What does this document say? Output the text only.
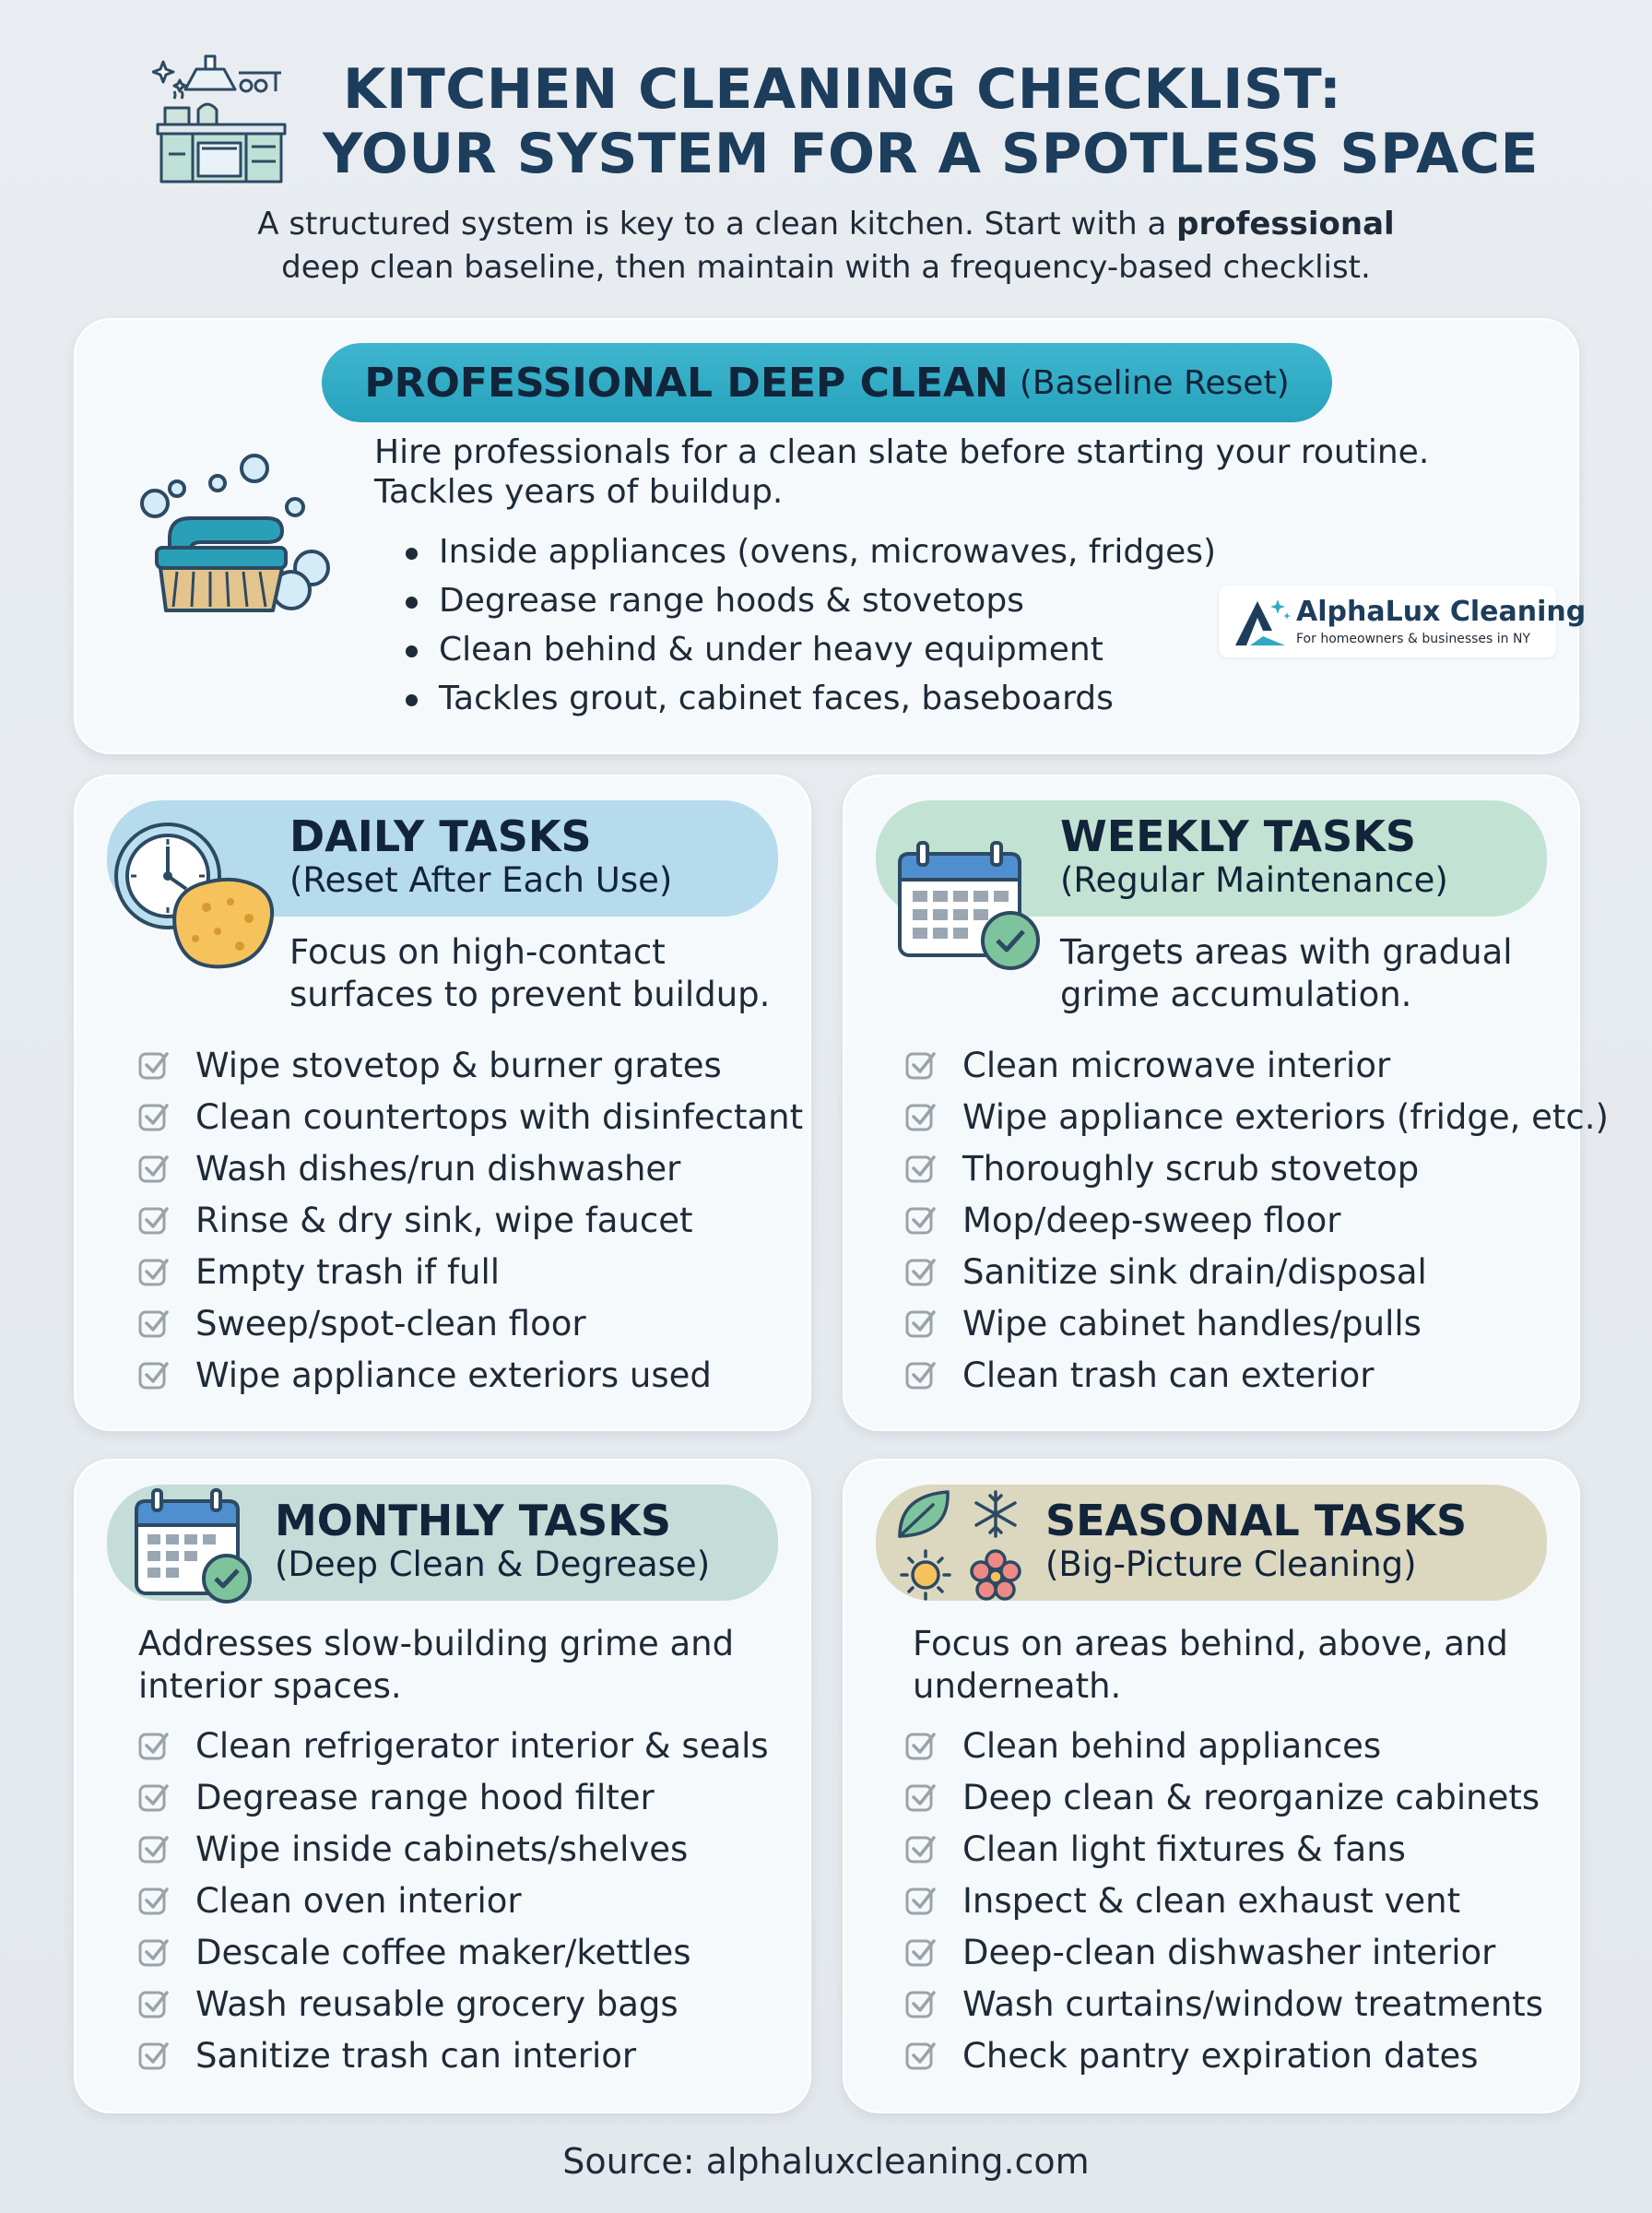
KITCHEN CLEANING CHECKLIST:
YOUR SYSTEM FOR A SPOTLESS SPACE
A structured system is key to a clean kitchen. Start with a professional
deep clean baseline, then maintain with a frequency-based checklist.
PROFESSIONAL DEEP CLEAN (Baseline Reset)
Hire professionals for a clean slate before starting your routine.
Tackles years of buildup.
Inside appliances (ovens, microwaves, fridges)
Degrease range hoods & stovetops
Clean behind & under heavy equipment
Tackles grout, cabinet faces, baseboards
AlphaLux Cleaning
For homeowners & businesses in NY
DAILY TASKS
(Reset After Each Use)
Focus on high-contact
surfaces to prevent buildup.
Wipe stovetop & burner grates
Clean countertops with disinfectant
Wash dishes/run dishwasher
Rinse & dry sink, wipe faucet
Empty trash if full
Sweep/spot-clean floor
Wipe appliance exteriors used
WEEKLY TASKS
(Regular Maintenance)
Targets areas with gradual
grime accumulation.
Clean microwave interior
Wipe appliance exteriors (fridge, etc.)
Thoroughly scrub stovetop
Mop/deep-sweep floor
Sanitize sink drain/disposal
Wipe cabinet handles/pulls
Clean trash can exterior
MONTHLY TASKS
(Deep Clean & Degrease)
Addresses slow-building grime and
interior spaces.
Clean refrigerator interior & seals
Degrease range hood filter
Wipe inside cabinets/shelves
Clean oven interior
Descale coffee maker/kettles
Wash reusable grocery bags
Sanitize trash can interior
SEASONAL TASKS
(Big-Picture Cleaning)
Focus on areas behind, above, and
underneath.
Clean behind appliances
Deep clean & reorganize cabinets
Clean light fixtures & fans
Inspect & clean exhaust vent
Deep-clean dishwasher interior
Wash curtains/window treatments
Check pantry expiration dates
Source: alphaluxcleaning.com
